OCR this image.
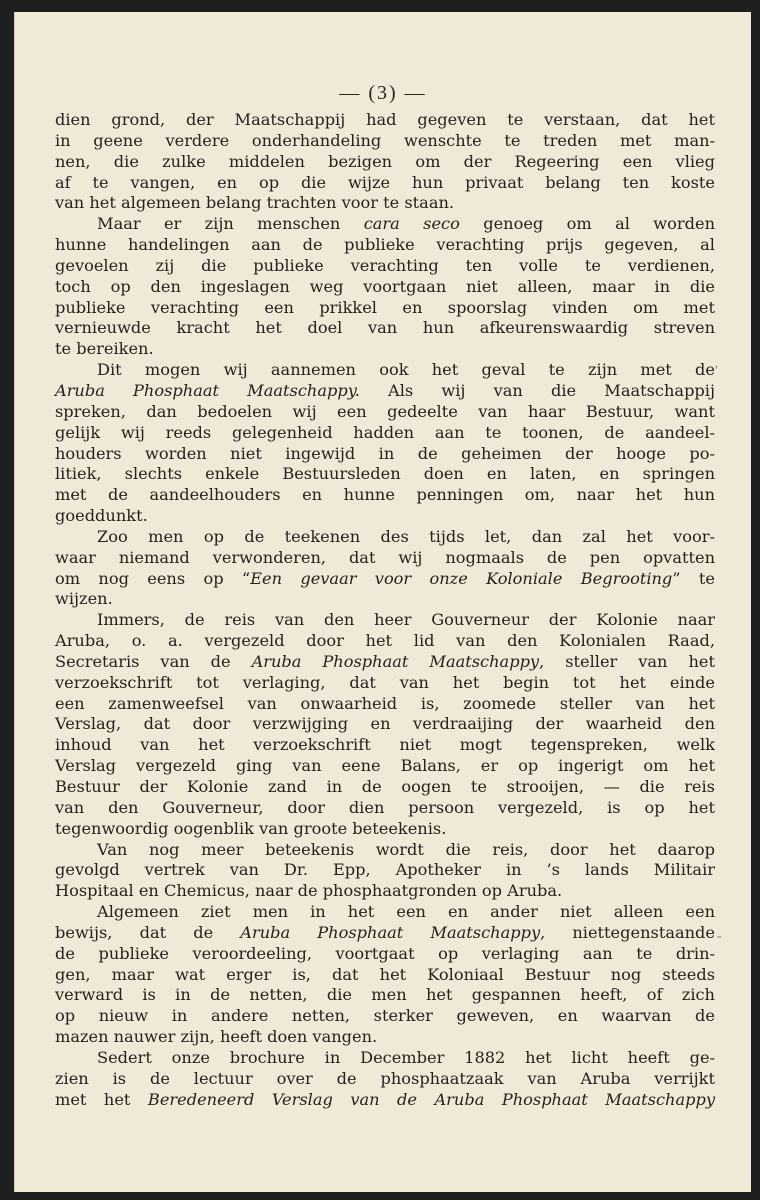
— (3) —
dien grond, der Maatschappij had gegeven te verstaan, dat het
in geene verdere onderhandeling wenschte te treden met man-
nen, die zulke middelen bezigen om der Regeering een vlieg
af te vangen, en op die wijze hun privaat belang ten koste
van het algemeen belang trachten voor te staan.
Maar er zijn menschen cara seco genoeg om al worden
hunne handelingen aan de publieke verachting prijs gegeven, al
gevoelen zij die publieke verachting ten volle te verdienen,
toch op den ingeslagen weg voortgaan niet alleen, maar in die
publieke verachting een prikkel en spoorslag vinden om met
vernieuwde kracht het doel van hun afkeurenswaardig streven
te bereiken.
Dit mogen wij aannemen ook het geval te zijn met de
Aruba Phosphaat Maatschappy. Als wij van die Maatschappij
spreken, dan bedoelen wij een gedeelte van haar Bestuur, want
gelijk wij reeds gelegenheid hadden aan te toonen, de aandeel-
houders worden niet ingewijd in de geheimen der hooge po-
litiek, slechts enkele Bestuursleden doen en laten, en springen
met de aandeelhouders en hunne penningen om, naar het hun
goeddunkt.
Zoo men op de teekenen des tijds let, dan zal het voor-
waar niemand verwonderen, dat wij nogmaals de pen opvatten
om nog eens op “Een gevaar voor onze Koloniale Begrooting” te
wijzen.
Immers, de reis van den heer Gouverneur der Kolonie naar
Aruba, o. a. vergezeld door het lid van den Kolonialen Raad,
Secretaris van de Aruba Phosphaat Maatschappy, steller van het
verzoekschrift tot verlaging, dat van het begin tot het einde
een zamenweefsel van onwaarheid is, zoomede steller van het
Verslag, dat door verzwijging en verdraaijing der waarheid den
inhoud van het verzoekschrift niet mogt tegenspreken, welk
Verslag vergezeld ging van eene Balans, er op ingerigt om het
Bestuur der Kolonie zand in de oogen te strooijen, — die reis
van den Gouverneur, door dien persoon vergezeld, is op het
tegenwoordig oogenblik van groote beteekenis.
Van nog meer beteekenis wordt die reis, door het daarop
gevolgd vertrek van Dr. Epp, Apotheker in ’s lands Militair
Hospitaal en Chemicus, naar de phosphaatgronden op Aruba.
Algemeen ziet men in het een en ander niet alleen een
bewijs, dat de Aruba Phosphaat Maatschappy, niettegenstaande
de publieke veroordeeling, voortgaat op verlaging aan te drin-
gen, maar wat erger is, dat het Koloniaal Bestuur nog steeds
verward is in de netten, die men het gespannen heeft, of zich
op nieuw in andere netten, sterker geweven, en waarvan de
mazen nauwer zijn, heeft doen vangen.
Sedert onze brochure in December 1882 het licht heeft ge-
zien is de lectuur over de phosphaatzaak van Aruba verrijkt
met het Beredeneerd Verslag van de Aruba Phosphaat Maatschappy
ʹ
-
